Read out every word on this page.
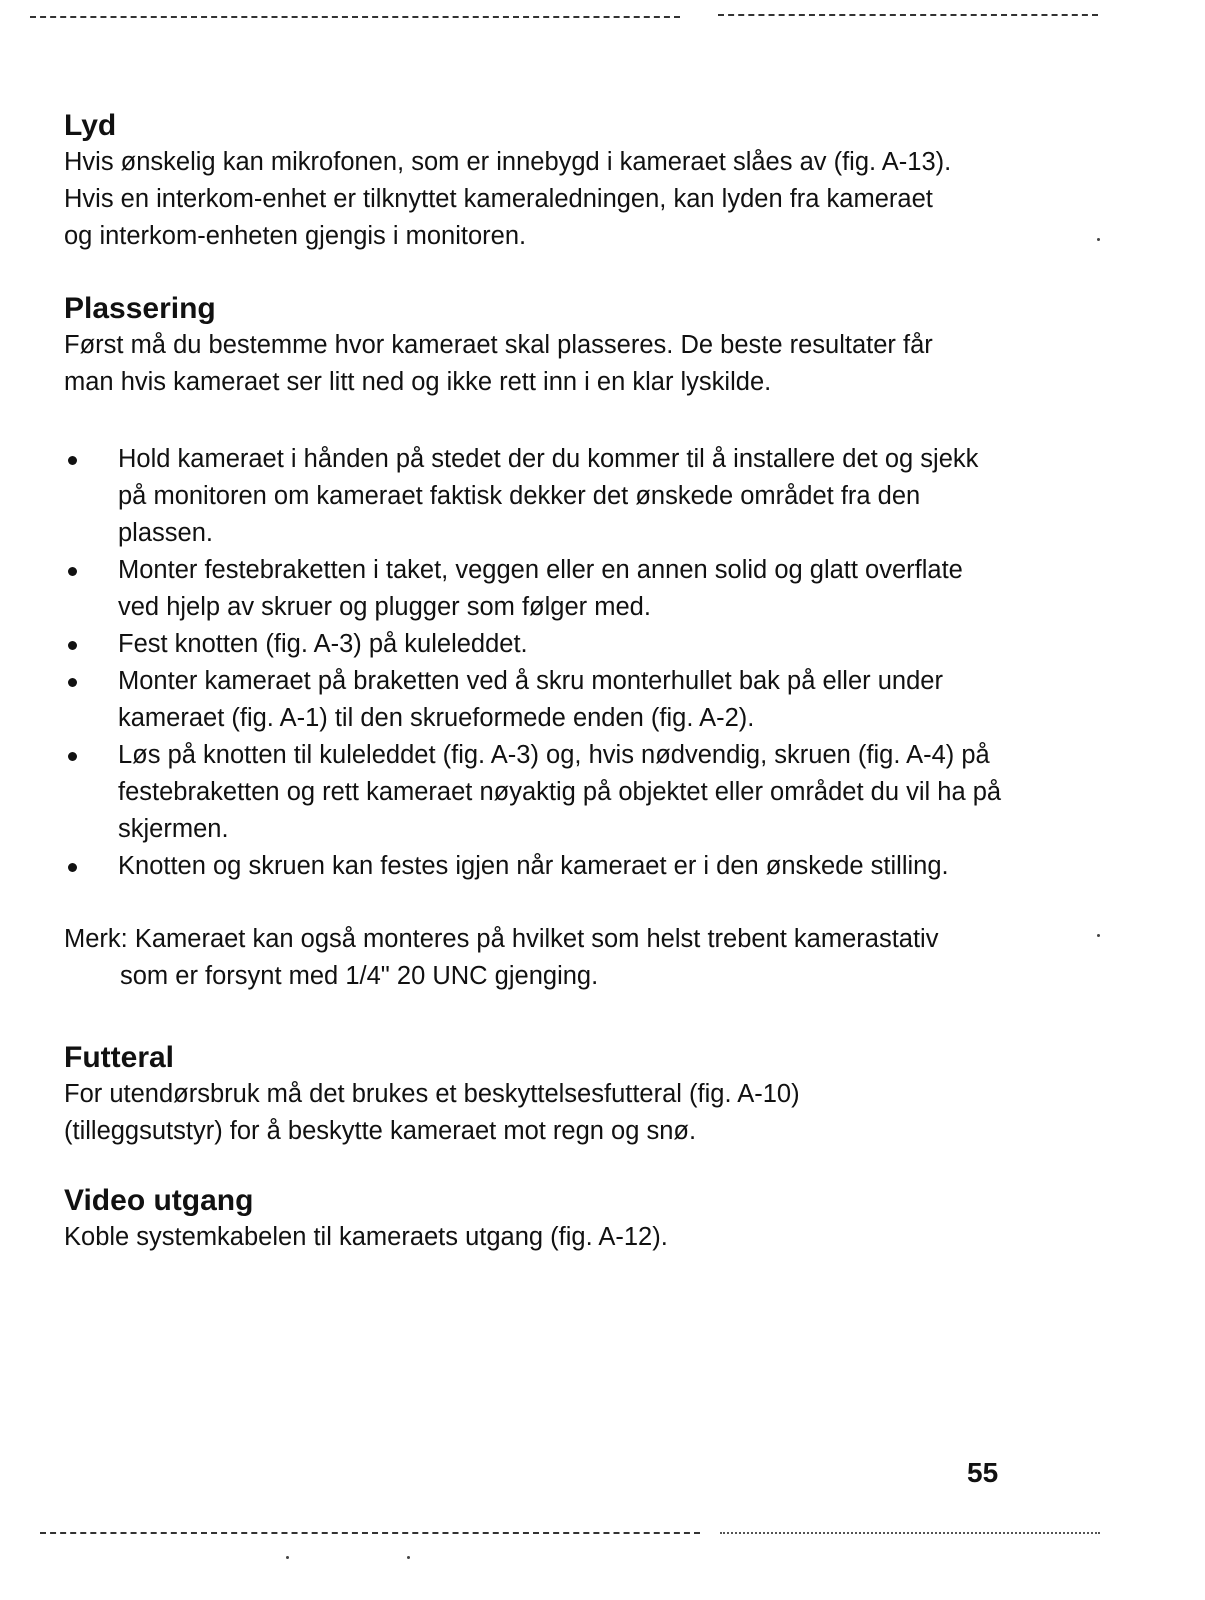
Lyd

Hvis ønskelig kan mikrofonen, som er innebygd i kameraet slåes av (fig. A-13).

Hvis en interkom-enhet er tilknyttet kameraledningen, kan lyden fra kameraet og interkom-enheten gjengis i monitoren.

Plassering

Først må du bestemme hvor kameraet skal plasseres. De beste resultater får man hvis kameraet ser litt ned og ikke rett inn i en klar lyskilde.

Hold kameraet i hånden på stedet der du kommer til å installere det og sjekk på monitoren om kameraet faktisk dekker det ønskede området fra den plassen.
Monter festebraketten i taket, veggen eller en annen solid og glatt overflate ved hjelp av skruer og plugger som følger med.
Fest knotten (fig. A-3) på kuleleddet.
Monter kameraet på braketten ved å skru monterhullet bak på eller under kameraet (fig. A-1) til den skrueformede enden (fig. A-2).
Løs på knotten til kuleleddet (fig. A-3) og, hvis nødvendig, skruen (fig. A-4) på festebraketten og rett kameraet nøyaktig på objektet eller området du vil ha på skjermen.
Knotten og skruen kan festes igjen når kameraet er i den ønskede stilling.

Merk: Kameraet kan også monteres på hvilket som helst trebent kamerastativ som er forsynt med 1/4" 20 UNC gjenging.

Futteral

For utendørsbruk må det brukes et beskyttelsesfutteral (fig. A-10) (tilleggsutstyr) for å beskytte kameraet mot regn og snø.

Video utgang

Koble systemkabelen til kameraets utgang (fig. A-12).

55
